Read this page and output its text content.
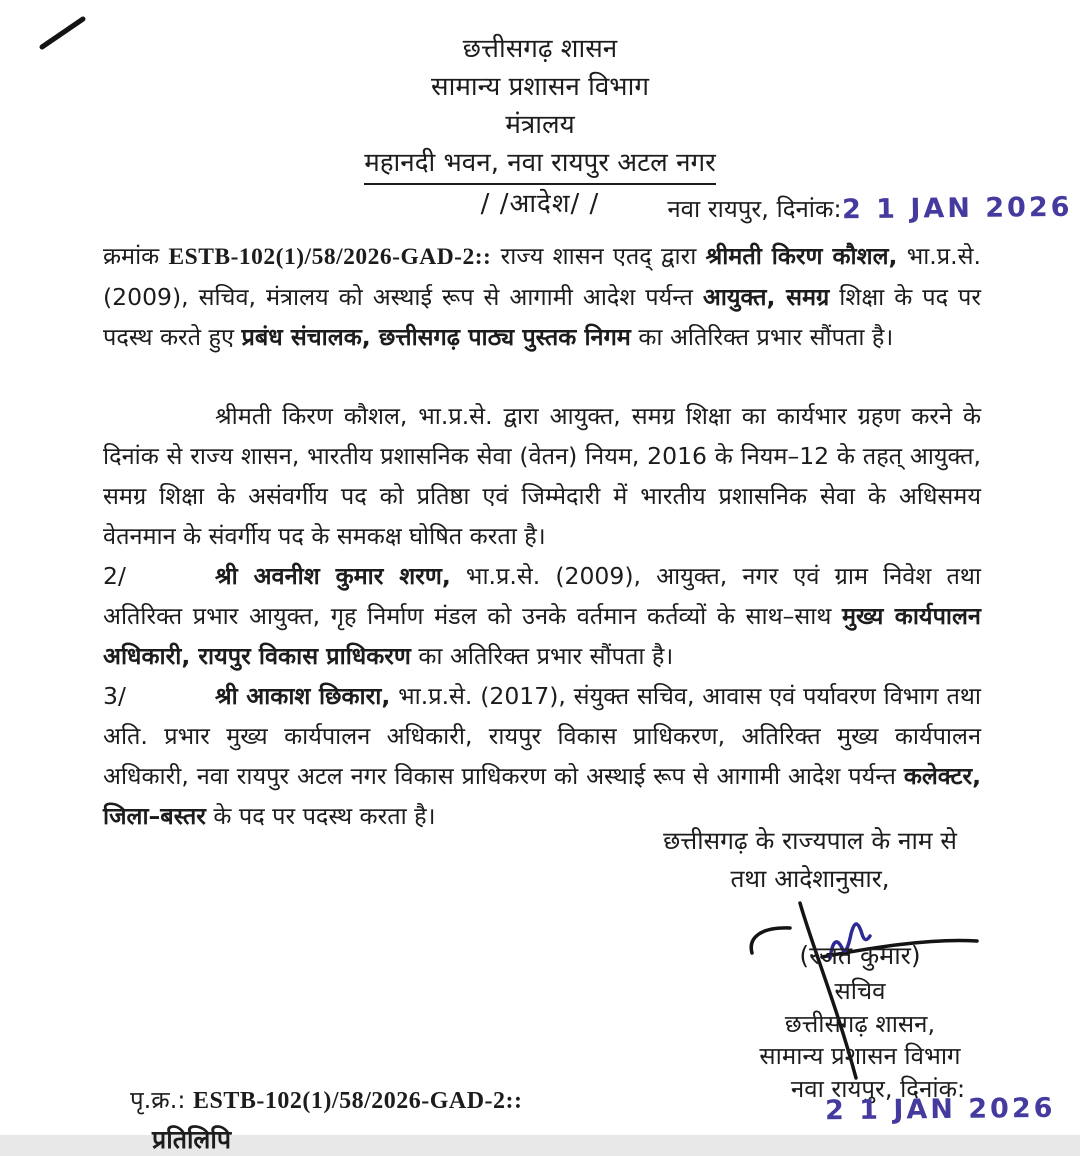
छत्तीसगढ़ शासन
सामान्य प्रशासन विभाग
मंत्रालय
महानदी भवन, नवा रायपुर अटल नगर
/ /आदेश/ /	नवा रायपुर, दिनांक:2 1 JAN 2026
क्रमांक ESTB-102(1)/58/2026-GAD-2:: राज्य शासन एतद् द्वारा श्रीमती किरण कौशल, भा.प्र.से. (2009), सचिव, मंत्रालय को अस्थाई रूप से आगामी आदेश पर्यन्त आयुक्त, समग्र शिक्षा के पद पर पदस्थ करते हुए प्रबंध संचालक, छत्तीसगढ़ पाठ्य पुस्तक निगम का अतिरिक्त प्रभार सौंपता है।
श्रीमती किरण कौशल, भा.प्र.से. द्वारा आयुक्त, समग्र शिक्षा का कार्यभार ग्रहण करने के दिनांक से राज्य शासन, भारतीय प्रशासनिक सेवा (वेतन) नियम, 2016 के नियम–12 के तहत् आयुक्त, समग्र शिक्षा के असंवर्गीय पद को प्रतिष्ठा एवं जिम्मेदारी में भारतीय प्रशासनिक सेवा के अधिसमय वेतनमान के संवर्गीय पद के समकक्ष घोषित करता है।
2/	श्री अवनीश कुमार शरण, भा.प्र.से. (2009), आयुक्त, नगर एवं ग्राम निवेश तथा अतिरिक्त प्रभार आयुक्त, गृह निर्माण मंडल को उनके वर्तमान कर्तव्यों के साथ–साथ मुख्य कार्यपालन अधिकारी, रायपुर विकास प्राधिकरण का अतिरिक्त प्रभार सौंपता है।
3/	श्री आकाश छिकारा, भा.प्र.से. (2017), संयुक्त सचिव, आवास एवं पर्यावरण विभाग तथा अति. प्रभार मुख्य कार्यपालन अधिकारी, रायपुर विकास प्राधिकरण, अतिरिक्त मुख्य कार्यपालन अधिकारी, नवा रायपुर अटल नगर विकास प्राधिकरण को अस्थाई रूप से आगामी आदेश पर्यन्त कलेक्टर, जिला–बस्तर के पद पर पदस्थ करता है।
छत्तीसगढ़ के राज्यपाल के नाम से
तथा आदेशानुसार,
(रजत कुमार)
सचिव
छत्तीसगढ़ शासन,
सामान्य प्रशासन विभाग
नवा रायपुर, दिनांक:
2 1 JAN 2026
पृ.क्र.: ESTB-102(1)/58/2026-GAD-2::
प्रतिलिपि
